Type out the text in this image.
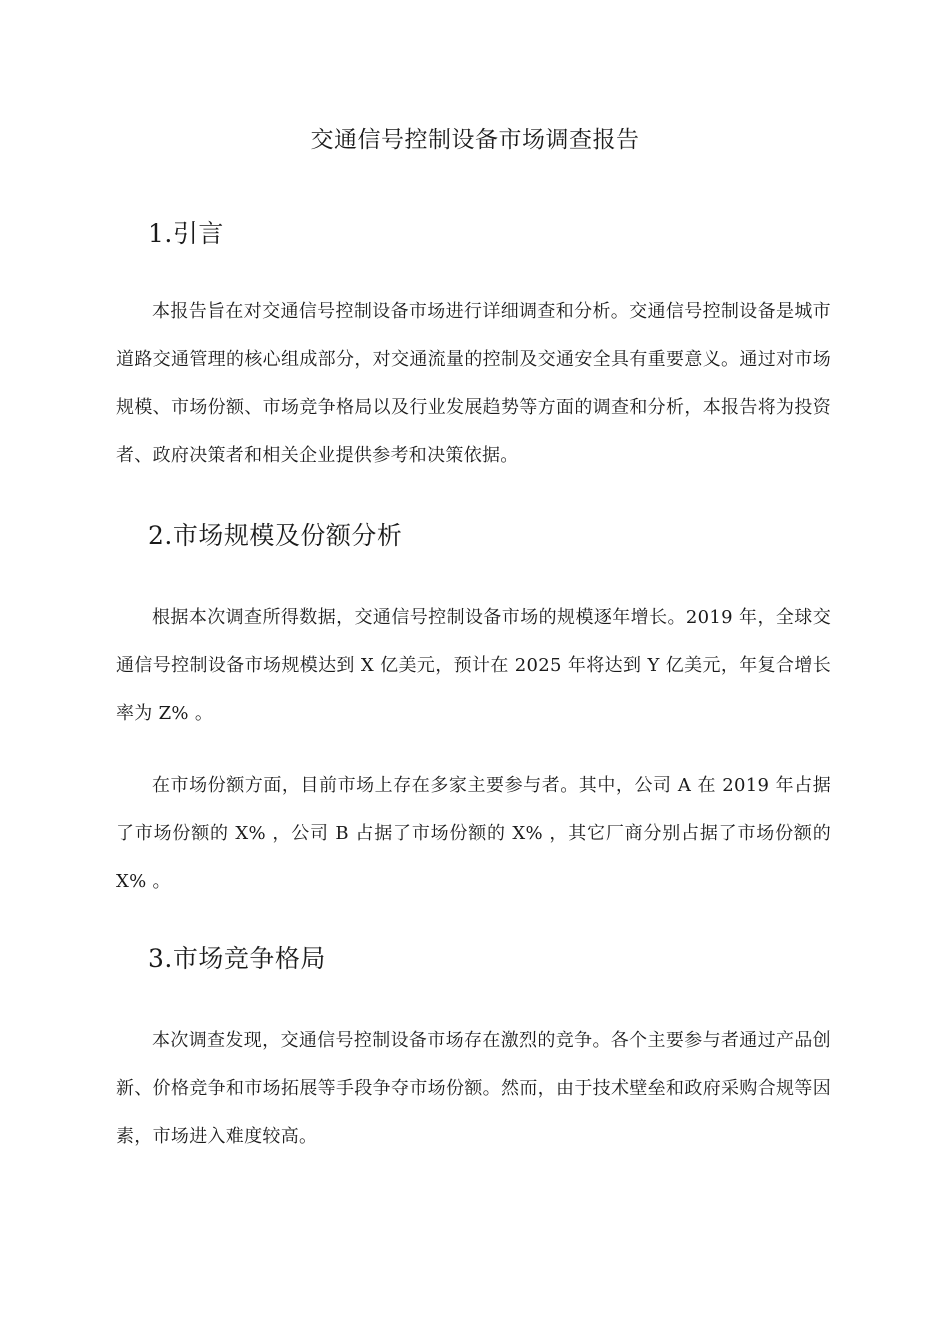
交通信号控制设备市场调查报告
1.引言
本报告旨在对交通信号控制设备市场进行详细调查和分析。交通信号控制设备是城市道路交通管理的核心组成部分，对交通流量的控制及交通安全具有重要意义。通过对市场规模、市场份额、市场竞争格局以及行业发展趋势等方面的调查和分析，本报告将为投资者、政府决策者和相关企业提供参考和决策依据。
2.市场规模及份额分析
根据本次调查所得数据，交通信号控制设备市场的规模逐年增长。2019 年，全球交通信号控制设备市场规模达到 X 亿美元，预计在 2025 年将达到 Y 亿美元，年复合增长率为 Z% 。
在市场份额方面，目前市场上存在多家主要参与者。其中，公司 A 在 2019 年占据了市场份额的 X% ，公司 B 占据了市场份额的 X% ，其它厂商分别占据了市场份额的 X% 。
3.市场竞争格局
本次调查发现，交通信号控制设备市场存在激烈的竞争。各个主要参与者通过产品创新、价格竞争和市场拓展等手段争夺市场份额。然而，由于技术壁垒和政府采购合规等因素，市场进入难度较高。
